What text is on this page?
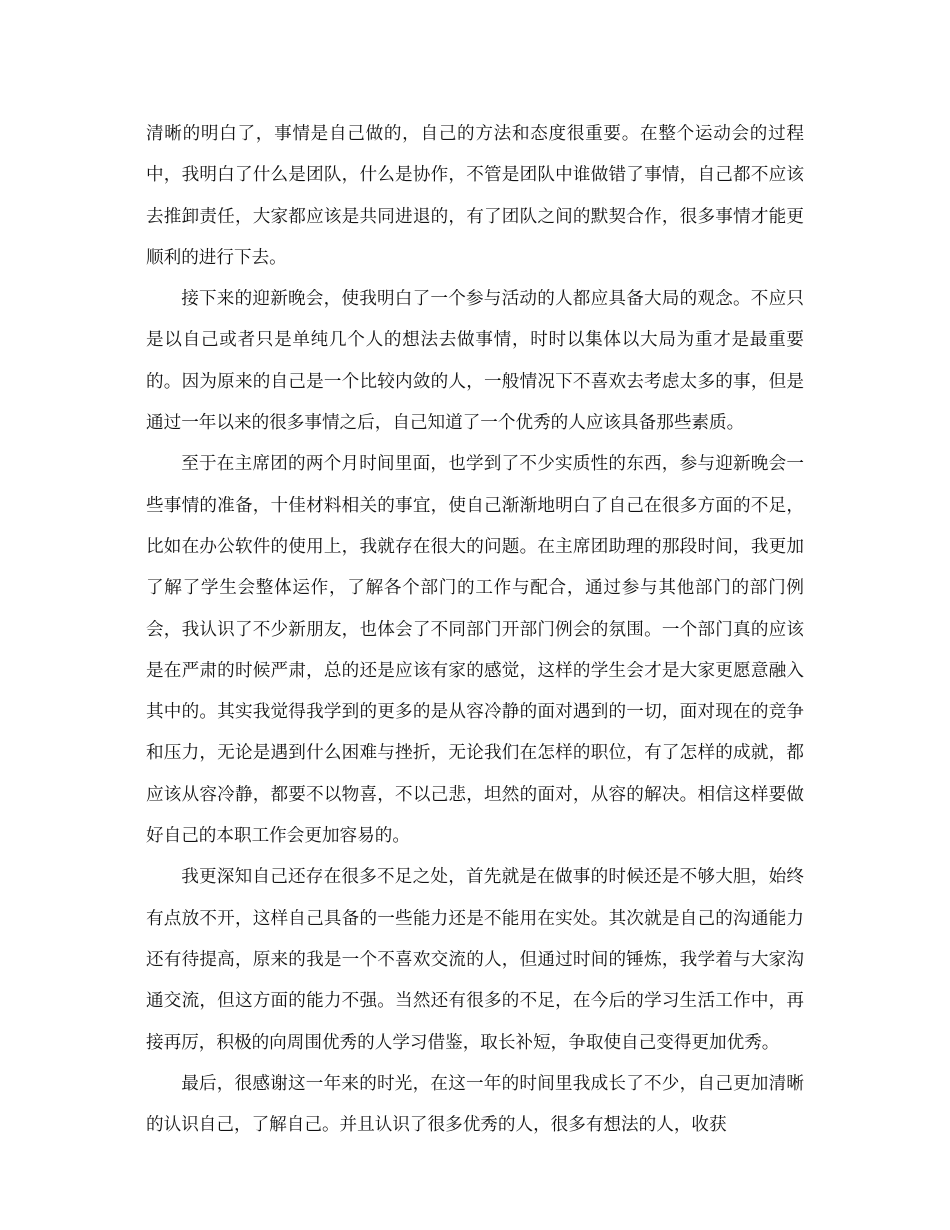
清晰的明白了，事情是自己做的，自己的方法和态度很重要。在整个运动会的过程中，我明白了什么是团队，什么是协作，不管是团队中谁做错了事情，自己都不应该去推卸责任，大家都应该是共同进退的，有了团队之间的默契合作，很多事情才能更顺利的进行下去。

接下来的迎新晚会，使我明白了一个参与活动的人都应具备大局的观念。不应只是以自己或者只是单纯几个人的想法去做事情，时时以集体以大局为重才是最重要的。因为原来的自己是一个比较内敛的人，一般情况下不喜欢去考虑太多的事，但是通过一年以来的很多事情之后，自己知道了一个优秀的人应该具备那些素质。

至于在主席团的两个月时间里面，也学到了不少实质性的东西，参与迎新晚会一些事情的准备，十佳材料相关的事宜，使自己渐渐地明白了自己在很多方面的不足，比如在办公软件的使用上，我就存在很大的问题。在主席团助理的那段时间，我更加了解了学生会整体运作，了解各个部门的工作与配合，通过参与其他部门的部门例会，我认识了不少新朋友，也体会了不同部门开部门例会的氛围。一个部门真的应该是在严肃的时候严肃，总的还是应该有家的感觉，这样的学生会才是大家更愿意融入其中的。其实我觉得我学到的更多的是从容冷静的面对遇到的一切，面对现在的竞争和压力，无论是遇到什么困难与挫折，无论我们在怎样的职位，有了怎样的成就，都应该从容冷静，都要不以物喜，不以己悲，坦然的面对，从容的解决。相信这样要做好自己的本职工作会更加容易的。

我更深知自己还存在很多不足之处，首先就是在做事的时候还是不够大胆，始终有点放不开，这样自己具备的一些能力还是不能用在实处。其次就是自己的沟通能力还有待提高，原来的我是一个不喜欢交流的人，但通过时间的锤炼，我学着与大家沟通交流，但这方面的能力不强。当然还有很多的不足，在今后的学习生活工作中，再接再厉，积极的向周围优秀的人学习借鉴，取长补短，争取使自己变得更加优秀。

最后，很感谢这一年来的时光，在这一年的时间里我成长了不少，自己更加清晰的认识自己，了解自己。并且认识了很多优秀的人，很多有想法的人，收获
